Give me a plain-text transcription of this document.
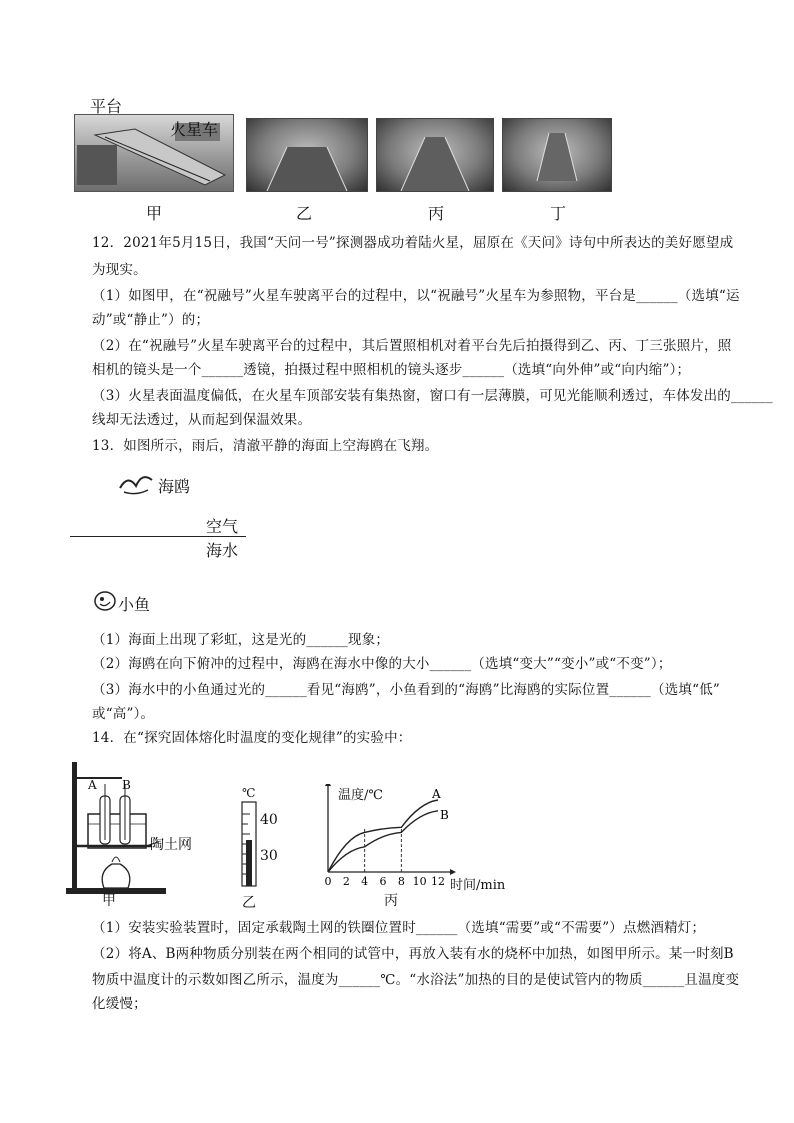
平台
火星车
甲	乙	丙	丁
12．2021年5月15日，我国“天问一号”探测器成功着陆火星，屈原在《天问》诗句中所表达的美好愿望成
为现实。
（1）如图甲，在“祝融号”火星车驶离平台的过程中，以“祝融号”火星车为参照物，平台是______（选填“运
动”或“静止”）的；
（2）在“祝融号”火星车驶离平台的过程中，其后置照相机对着平台先后拍摄得到乙、丙、丁三张照片，照
相机的镜头是一个______透镜，拍摄过程中照相机的镜头逐步______（选填“向外伸”或“向内缩”）；
（3）火星表面温度偏低，在火星车顶部安装有集热窗，窗口有一层薄膜，可见光能顺利透过，车体发出的______
线却无法透过，从而起到保温效果。
13．如图所示，雨后，清澈平静的海面上空海鸥在飞翔。
海鸥
空气
海水
小鱼
（1）海面上出现了彩虹，这是光的______现象；
（2）海鸥在向下俯冲的过程中，海鸥在海水中像的大小______（选填“变大”“变小”或“不变”）；
（3）海水中的小鱼通过光的______看见“海鸥”，小鱼看到的“海鸥”比海鸥的实际位置______（选填“低”
或“高”）。
14．在“探究固体熔化时温度的变化规律”的实验中：
A B
陶土网
甲
℃
40
30
乙
0 2 4 6 8 10 12
A
B
温度/℃
时间/min
丙
（1）安装实验装置时，固定承载陶土网的铁圈位置时______（选填“需要”或“不需要”）点燃酒精灯；
（2）将A、B两种物质分别装在两个相同的试管中，再放入装有水的烧杯中加热，如图甲所示。某一时刻B
物质中温度计的示数如图乙所示，温度为______℃。“水浴法”加热的目的是使试管内的物质______且温度变
化缓慢；
